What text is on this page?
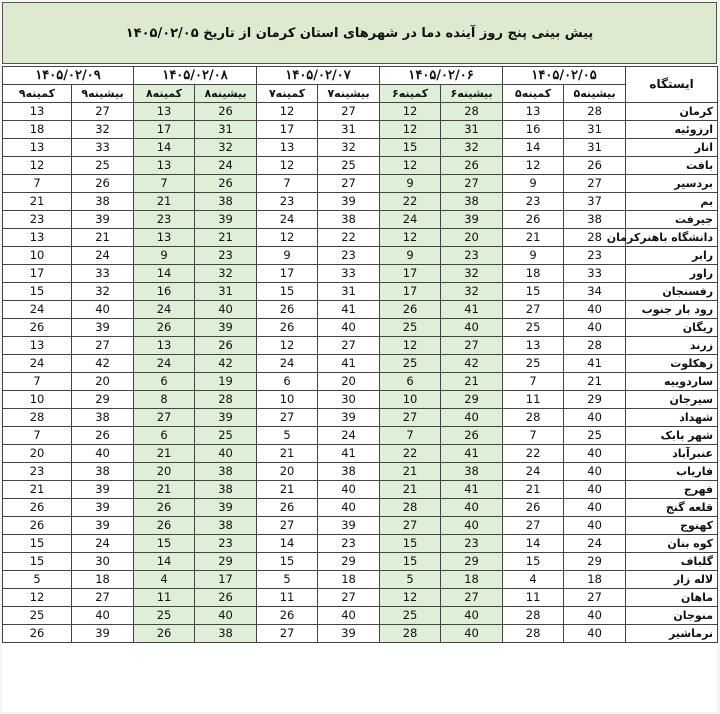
پیش بینی پنج روز آینده دما در شهرهای استان کرمان از تاریخ ۱۴۰۵/۰۲/۰۵
ایستگاه	۱۴۰۵/۰۲/۰۵		۱۴۰۵/۰۲/۰۶		۱۴۰۵/۰۲/۰۷		۱۴۰۵/۰۲/۰۸		۱۴۰۵/۰۲/۰۹	
	بیشینه۵	کمینه۵	بیشینه۶	کمینه۶	بیشینه۷	کمینه۷	بیشینه۸	کمینه۸	بیشینه۹	کمینه۹
کرمان	28	13	28	12	27	12	26	13	27	13
ارزوئیه	31	16	31	12	31	17	31	17	32	18
انار	31	14	32	15	32	13	32	14	33	13
بافت	26	12	26	12	25	12	24	13	25	12
بردسیر	27	9	27	9	27	7	26	7	26	7
بم	37	23	38	22	39	23	38	21	38	21
جیرفت	38	26	39	24	38	24	39	23	39	23
دانشگاه باهنرکرمان	28	21	20	12	22	12	21	13	21	13
رابر	23	9	23	9	23	9	23	9	24	10
راور	33	18	32	17	33	17	32	14	33	17
رفسنجان	34	15	32	17	31	15	31	16	32	15
رود بار جنوب	40	27	41	26	41	26	40	24	40	24
ریگان	40	25	40	25	40	26	39	26	39	26
زرند	28	13	27	12	27	12	26	13	27	13
زهکلوت	41	25	42	25	41	24	42	24	42	24
ساردوییه	21	7	21	6	20	6	19	6	20	7
سیرجان	29	11	29	10	30	10	28	8	29	10
شهداد	40	28	40	27	39	27	39	27	38	28
شهر بابک	25	7	26	7	24	5	25	6	26	7
عنبرآباد	40	22	41	22	41	21	40	21	40	20
فاریاب	40	24	38	21	38	20	38	20	38	23
فهرج	40	21	41	21	40	21	38	21	39	21
قلعه گنج	40	26	40	28	40	26	39	26	39	26
کهنوج	40	27	40	27	39	27	38	26	39	26
کوه بنان	24	14	23	15	23	14	23	15	24	15
گلباف	29	15	29	15	29	15	29	14	30	15
لاله زار	18	4	18	5	18	5	17	4	18	5
ماهان	27	11	27	12	27	11	26	11	27	12
منوجان	40	28	40	25	40	26	40	25	40	25
نرماشیر	40	28	40	28	39	27	38	26	39	26
